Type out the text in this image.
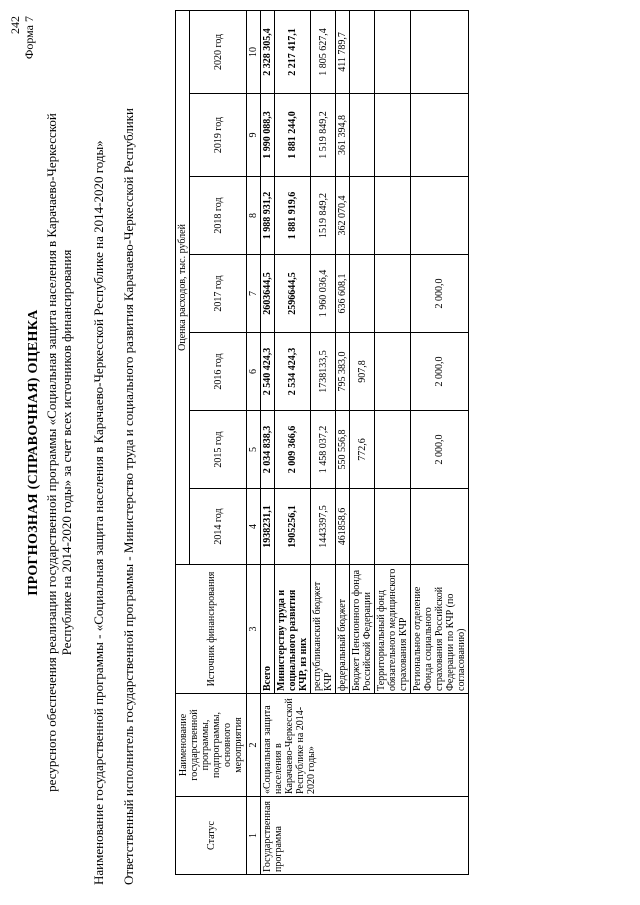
242 Форма 7
ПРОГНОЗНАЯ (СПРАВОЧНАЯ) ОЦЕНКА ресурсного обеспечения реализации государственной программы «Социальная защита населения в Карачаево-Черкесской Республике на 2014-2020 годы» за счет всех источников финансирования Наименование государственной программы - «Социальная защита населения в Карачаево-Черкесской Республике на 2014-2020 годы» Ответственный исполнитель государственной программы - Министерство труда и социального развития Карачаево-Черкесской Республики	Статус	Наименование государственной программы, подпрограммы, основного мероприятия	Источник финансирования	Оценка расходов, тыс. рублей						
			2014 год	2015 год	2016 год	2017 год	2018 год	2019 год	2020 год
1	2	3	4	5	6	7	8	9	10
Государственная программа	«Социальная защита населения в Карачаево-Черкесской Республике на 2014-2020 годы»	Всего	1938231,1	2 034 838,3	2 540 424,3	2603644,5	1 988 931,2	1 990 088,3	2 328 305,4
		Министерству труда и социального развития КЧР, из них	1905256,1	2 009 366,6	2 534 424,3	2596644,5	1 881 919,6	1 881 244,0	2 217 417,1
		республиканский бюджет КЧР	1443397,5	1 458 037,2	1738133,5	1 960 036,4	1519 849,2	1 519 849,2	1 805 627,4
		федеральный бюджет	461858,6	550 556,8	795 383,0	636 608,1	362 070,4	361 394,8	411 789,7
		Бюджет Пенсионного фонда Российской Федерации		772,6	907,8				
		Территориальный фонд обязательного медицинского страхования КЧР							
		Региональное отделение Фонда социального страхования Российской Федерации по КЧР (по согласованию)		2 000,0	2 000,0	2 000,0			
